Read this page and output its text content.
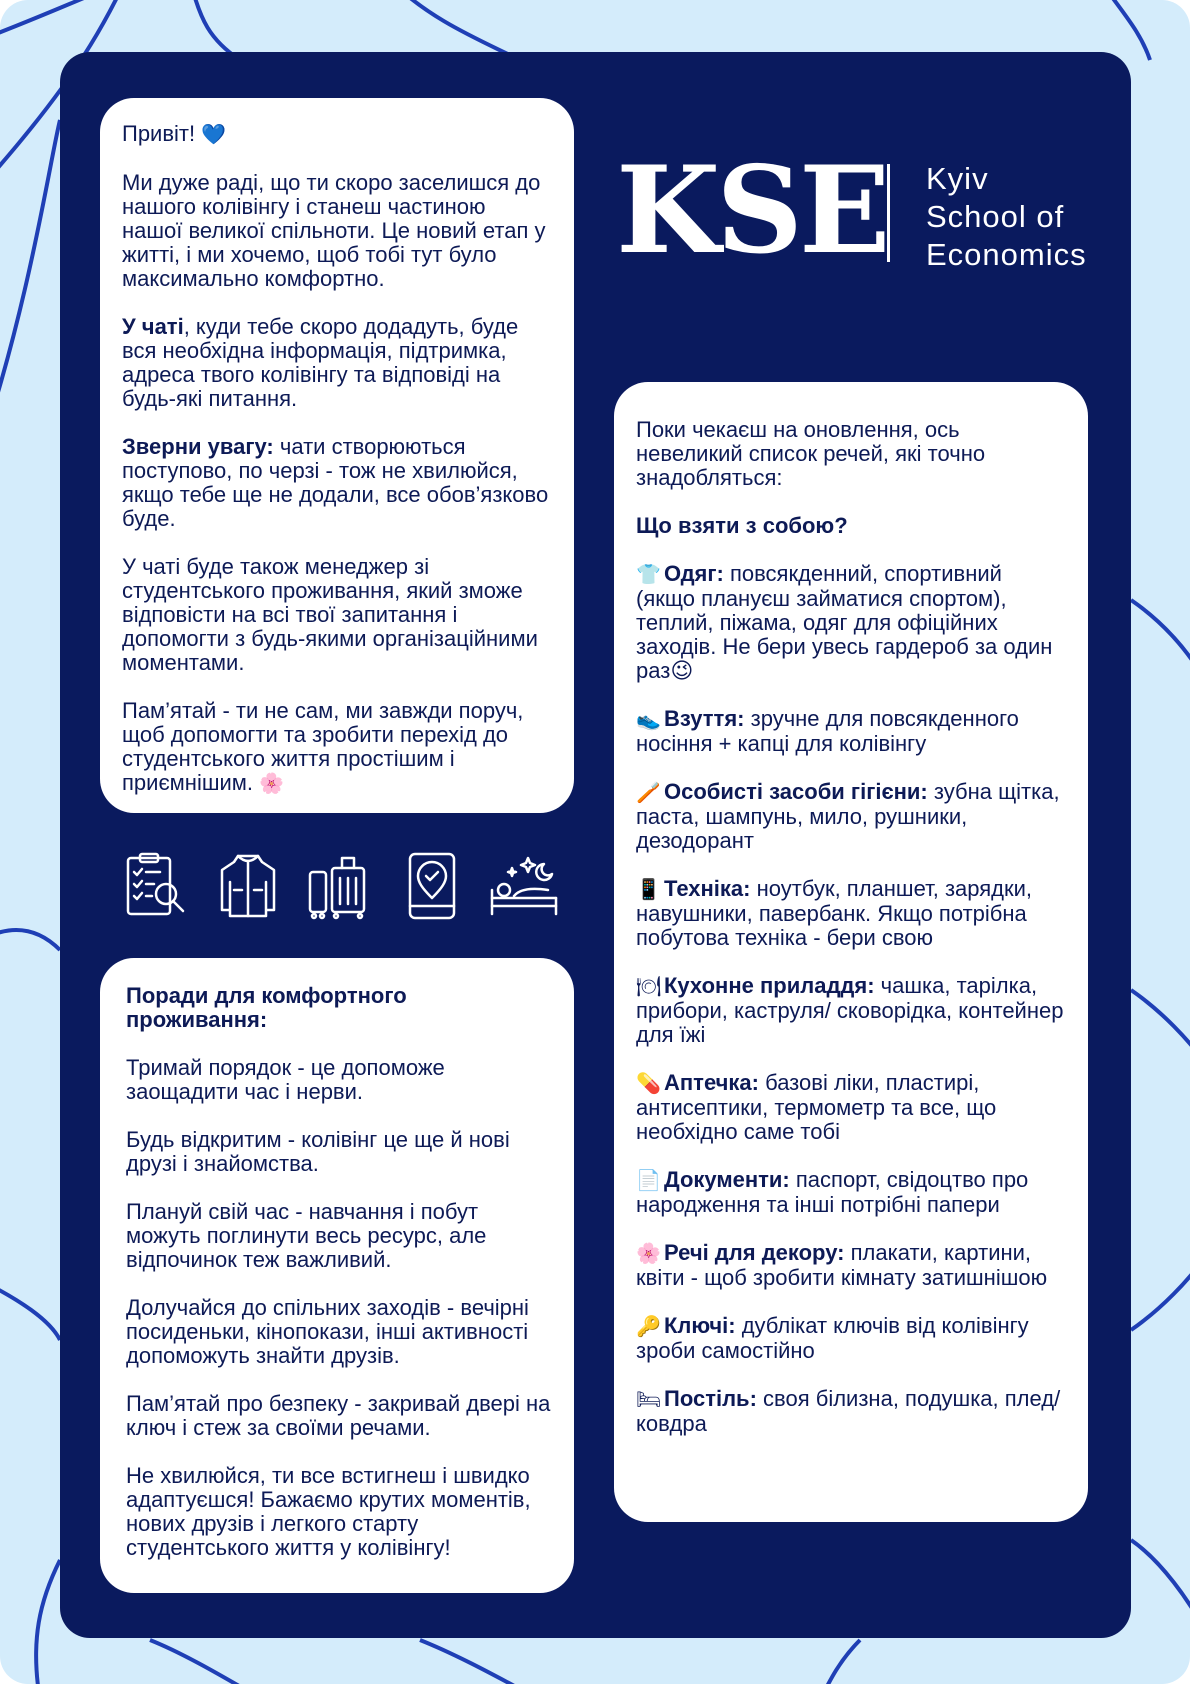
KSE Kyiv
School of
Economics

Привіт! 💙

Ми дуже раді, що ти скоро заселишся до нашого колівінгу і станеш частиною нашої великої спільноти. Це новий етап у житті, і ми хочемо, щоб тобі тут було максимально комфортно.

У чаті, куди тебе скоро додадуть, буде вся необхідна інформація, підтримка, адреса твого колівінгу та відповіді на будь-які питання.

Зверни увагу: чати створюються поступово, по черзі - тож не хвилюйся, якщо тебе ще не додали, все обов’язково буде.

У чаті буде також менеджер зі студентського проживання, який зможе відповісти на всі твої запитання і допомогти з будь-якими організаційними моментами.

Пам’ятай - ти не сам, ми завжди поруч, щоб допомогти та зробити перехід до студентського життя простішим і приємнішим. 🌸

Поради для комфортного проживання:

Тримай порядок - це допоможе заощадити час і нерви.

Будь відкритим - колівінг це ще й нові друзі і знайомства.

Плануй свій час - навчання і побут можуть поглинути весь ресурс, але відпочинок теж важливий.

Долучайся до спільних заходів - вечірні посиденьки, кінопокази, інші активності допоможуть знайти друзів.

Пам’ятай про безпеку - закривай двері на ключ і стеж за своїми речами.

Не хвилюйся, ти все встигнеш і швидко адаптуєшся! Бажаємо крутих моментів, нових друзів і легкого старту студентського життя у колівінгу!

Поки чекаєш на оновлення, ось невеликий список речей, які точно знадобляться:

Що взяти з собою?

👕 Одяг: повсякденний, спортивний (якщо плануєш займатися спортом), теплий, піжама, одяг для офіційних заходів. Не бери увесь гардероб за один раз😉

👟 Взуття: зручне для повсякденного носіння + капці для колівінгу

🪥 Особисті засоби гігієни: зубна щітка, паста, шампунь, мило, рушники, дезодорант

📱 Техніка: ноутбук, планшет, зарядки, навушники, павербанк. Якщо потрібна побутова техніка - бери свою

🍽 Кухонне приладдя: чашка, тарілка, прибори, каструля/ сковорідка, контейнер для їжі

💊 Аптечка: базові ліки, пластирі, антисептики, термометр та все, що необхідно саме тобі

📄 Документи: паспорт, свідоцтво про народження та інші потрібні папери

🌸 Речі для декору: плакати, картини, квіти - щоб зробити кімнату затишнішою

🔑 Ключі: дублікат ключів від колівінгу зроби самостійно

🛏 Постіль: своя білизна, подушка, плед/ковдра
